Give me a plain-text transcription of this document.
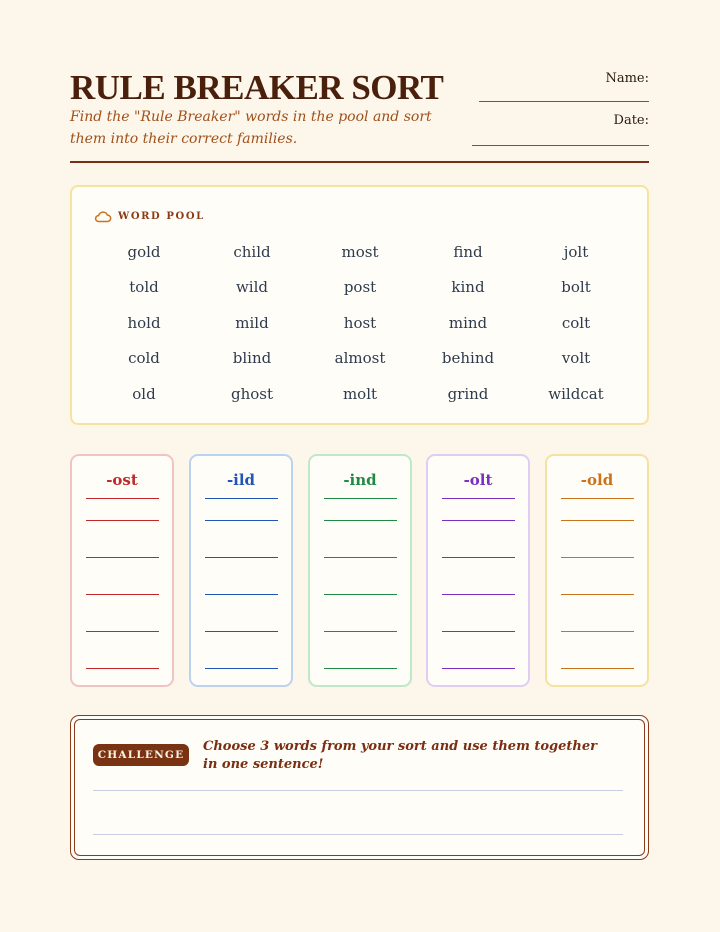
RULE BREAKER SORT
Find the "Rule Breaker" words in the pool and sort them into their correct families.
Name:
Date:
WORD POOL
gold	child	most	find	jolt
told	wild	post	kind	bolt
hold	mild	host	mind	colt
cold	blind	almost	behind	volt
old	ghost	molt	grind	wildcat
-ost	-ild	-ind	-olt	-old
CHALLENGE
Choose 3 words from your sort and use them together in one sentence!
